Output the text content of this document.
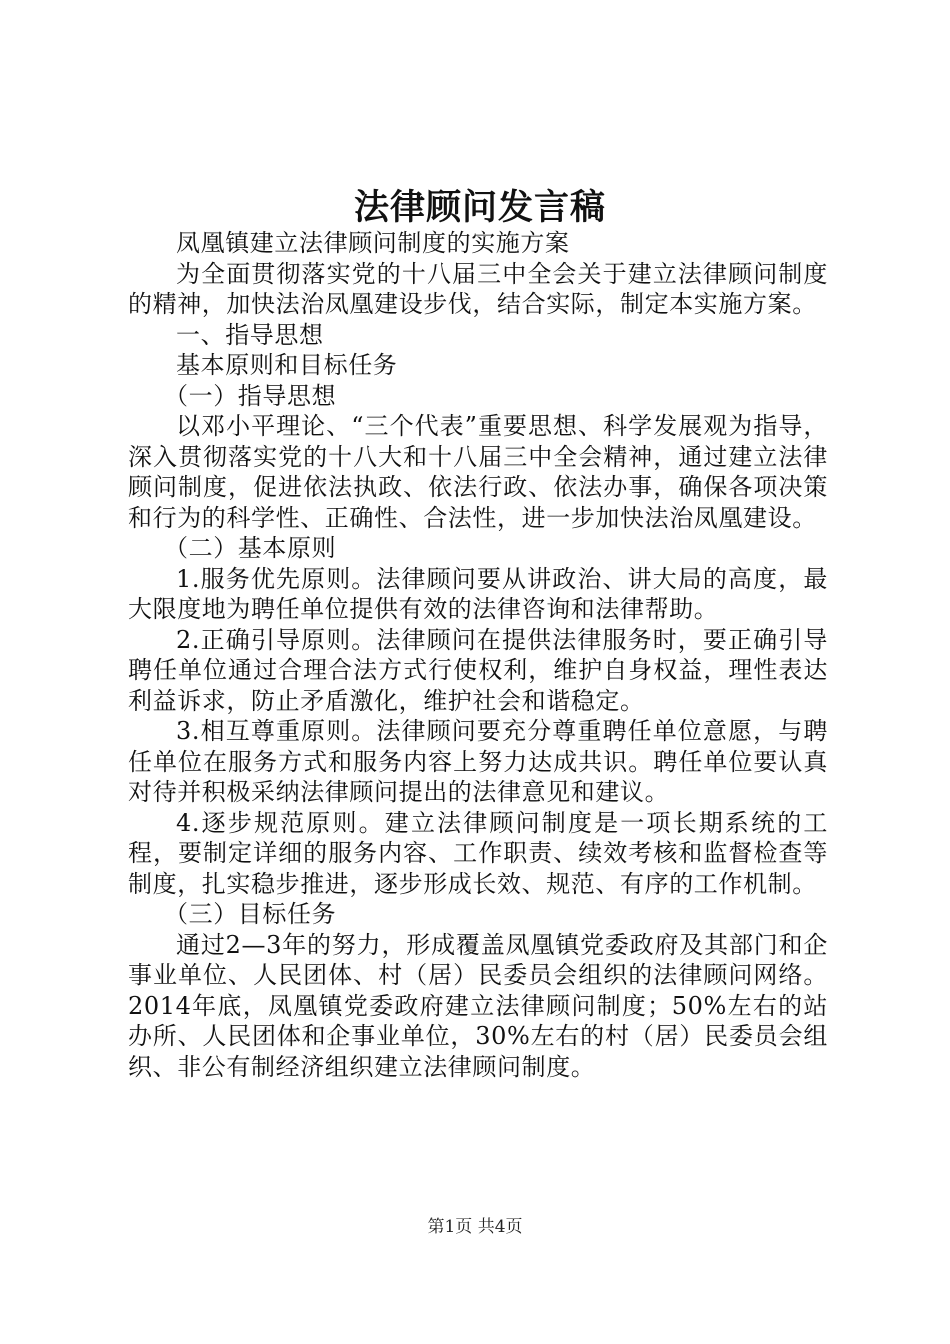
法律顾问发言稿

凤凰镇建立法律顾问制度的实施方案

为全面贯彻落实党的十八届三中全会关于建立法律顾问制度的精神，加快法治凤凰建设步伐，结合实际，制定本实施方案。

一、指导思想

基本原则和目标任务

（一）指导思想

以邓小平理论、“三个代表”重要思想、科学发展观为指导，深入贯彻落实党的十八大和十八届三中全会精神，通过建立法律顾问制度，促进依法执政、依法行政、依法办事，确保各项决策和行为的科学性、正确性、合法性，进一步加快法治凤凰建设。

（二）基本原则

1.服务优先原则。法律顾问要从讲政治、讲大局的高度，最大限度地为聘任单位提供有效的法律咨询和法律帮助。

2.正确引导原则。法律顾问在提供法律服务时，要正确引导聘任单位通过合理合法方式行使权利，维护自身权益，理性表达利益诉求，防止矛盾激化，维护社会和谐稳定。

3.相互尊重原则。法律顾问要充分尊重聘任单位意愿，与聘任单位在服务方式和服务内容上努力达成共识。聘任单位要认真对待并积极采纳法律顾问提出的法律意见和建议。

4.逐步规范原则。建立法律顾问制度是一项长期系统的工程，要制定详细的服务内容、工作职责、续效考核和监督检查等制度，扎实稳步推进，逐步形成长效、规范、有序的工作机制。

（三）目标任务

通过2—3年的努力，形成覆盖凤凰镇党委政府及其部门和企事业单位、人民团体、村（居）民委员会组织的法律顾问网络。2014年底，凤凰镇党委政府建立法律顾问制度；50%左右的站办所、人民团体和企事业单位，30%左右的村（居）民委员会组织、非公有制经济组织建立法律顾问制度。

第1页 共4页
